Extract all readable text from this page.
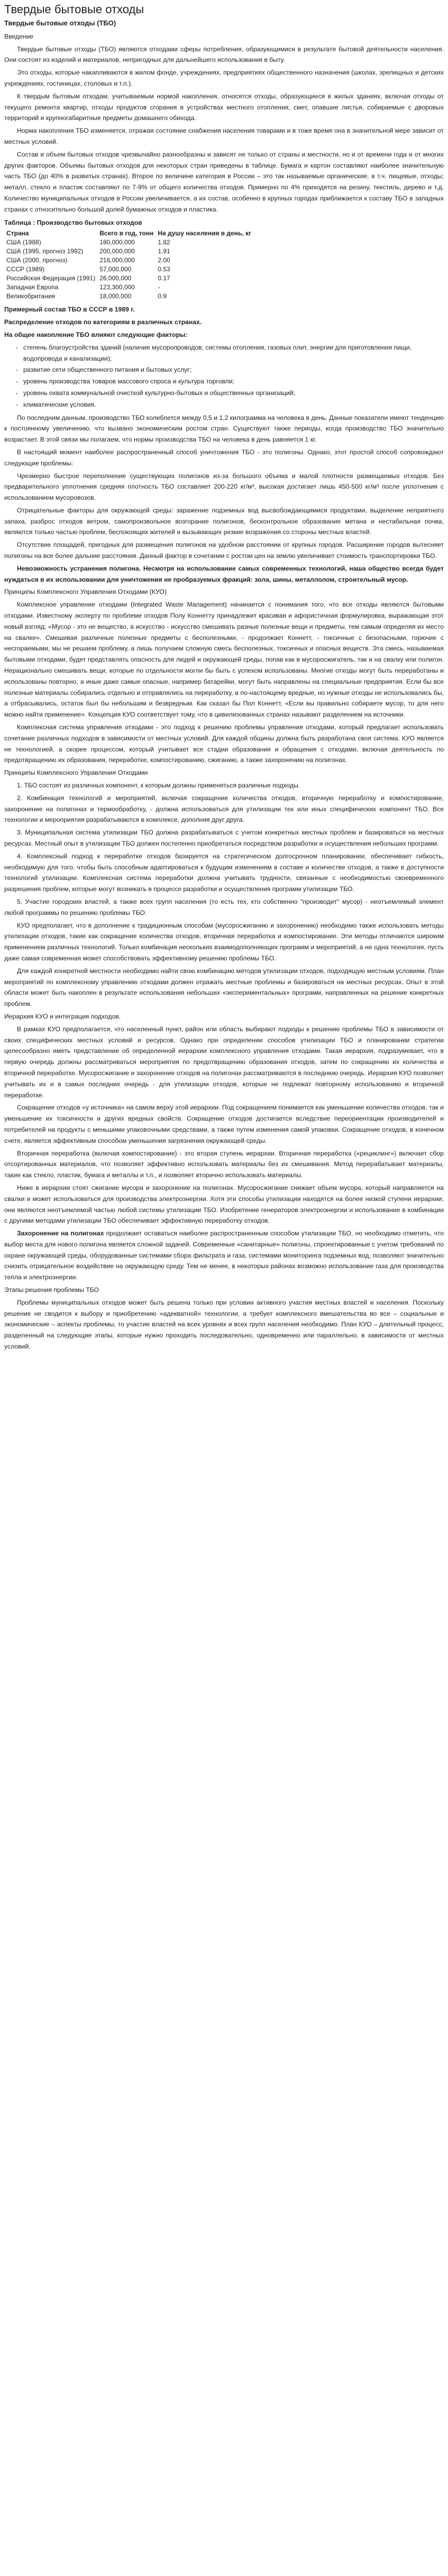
Твердые бытовые отходы
Твердые бытовые отходы (ТБО)

Введение

Твердые бытовые отходы (ТБО) являются отходами сферы потребления, образующимися в результате бытовой деятельности населения. Они состоят из изделий и материалов, непригодных для дальнейшего использования в быту.

Это отходы, которые накапливаются в жилом фонде, учреждениях, предприятиях общественного назначения (школах, зрелищных и детских учреждениях, гостиницах, столовых и т.п.).

К твердым бытовым отходам, учитываемым нормой накопления, относятся отходы, образующиеся в жилых зданиях, включая отходы от текущего ремонта квартир, отходы продуктов сгорания в устройствах местного отопления, смет, опавшие листья, собираемые с дворовых территорий и крупногабаритные предметы домашнего обихода.

Норма накопления ТБО изменяется, отражая состояние снабжения населения товарами и в тоже время она в значительной мере зависит от местных условий.

Состав и объем бытовых отходов чрезвычайно разнообразны и зависят не только от страны и местности, но и от времени года и от многих других факторов. Объемы бытовых отходов для некоторых стран приведены в таблице. Бумага и картон составляют наиболее значительную часть ТБО (до 40% в развитых странах). Второе по величине категория в России – это так называемые органические, в т.ч. пищевые, отходы; металл, стекло и пластик составляют по 7-9% от общего количества отходов. Примерно по 4% приходятся на резину, текстиль, дерево и т.д. Количество муниципальных отходов в России увеличивается, а их состав, особенно в крупных городах приближается к составу ТБО в западных странах с относительно большой долей бумажных отходов и пластика.

Таблица : Производство бытовых отходов
Страна	Всего в год, тонн	На душу населения в день, кг
США (1988)	180,000,000	1.82
США (1995, прогноз 1992)	200,000,000	1.91
США (2000, прогноз)	216,000,000	2.00
СССР (1989)	57,000,000	0.53
Российская Федерация (1991)	26,000,000	0.17
Западная Европа	123,300,000	-
Великобритания	18,000,000	0.9

Примерный состав ТБО в СССР в 1989 г.

Распределение отходов по категориям в различных странах.

На общее накопление ТБО влияют следующие факторы:

- степень благоустройства зданий (наличие мусоропроводов, системы отопления, газовых плит, энергии для приготовления пищи, водопровода и канализации);
- развитие сети общественного питания и бытовых услуг;
- уровень производства товаров массового спроса и культура торговли;
- уровень охвата коммунальной очисткой культурно-бытовых и общественных организаций;
- климатические условия.

По последним данным, производство ТБО колеблется между 0,5 и 1,2 килограмма на человека в день. Данные показатели имеют тенденцию к постоянному увеличению, что вызвано экономическим ростом стран. Существуют также периоды, когда производство ТБО значительно возрастает. В этой связи мы полагаем, что нормы производства ТБО на человека в день равняется 1 кг.

В настоящий момент наиболее распространенный способ уничтожения ТБО - это полигоны. Однако, этот простой способ сопровождают следующие проблемы:

Чрезмерно быстрое переполнение существующих полигонов из-за большого объема и малой плотности размещаемых отходов. Без предварительного уплотнения средняя плотность ТБО составляет 200-220 кг/м³, высокая достигает лишь 450-500 кг/м³ после уплотнения с использованием мусоровозов.

Отрицательные факторы для окружающей среды: заражение подземных вод высвобождающимися продуктами, выделение неприятного запаха, разброс отходов ветром, самопроизвольное возгорание полигонов, бесконтрольное образование метана и нестабильная почва, являются только частью проблем, беспокоящих жителей и вызывающих резкие возражения со стороны местных властей.

Отсутствие площадей, пригодных для размещения полигонов на удобном расстоянии от крупных городов. Расширение городов вытесняет полигоны на все более дальние расстояния. Данный фактор в сочетании с ростом цен на землю увеличивает стоимость транспортировки ТБО.

Невозможность устранения полигона. Несмотря на использование самых современных технологий, наша общество всегда будет нуждаться в их использовании для уничтожения не пробразуемых фракций: зола, шины, металлолом, строительный мусор.

Принципы Комплексного Управления Отходами (КУО)

Комплексное управление отходами (Integrated Waste Management) начинается с понимания того, что все отходы являются бытовыми отходами. Известному эксперту по проблеме отходов Полу Коннетту принадлежит красивая и афористичная формулировка, выражающая этот новый взгляд: «Мусор - это не вещество, а искусство - искусство смешивать разные полезные вещи и предметы, тем самым определяя их место на свалке». Смешивая различные полезные предметы с бесполезными, - продолжает Коннетт, - токсичные с безопасными, горючие с несгораемыми, мы не решаем проблему, а лишь получаем сложную смесь бесполезных, токсичных и опасных веществ. Эта смесь, называемая бытовыми отходами, будет представлять опасность для людей и окружающей среды, попав как в мусоросжигатель, так и на свалку или полигон. Нерационально смешивать вещи, которые по отдельности могли бы быть с успехом использованы. Многие отходы могут быть переработаны и использованы повторно, а иные даже самые опасные, например батарейки, могут быть направлены на специальные предприятия. Если бы все полезные материалы собирались отдельно и отправлялись на переработку, а по-настоящему вредные, но нужные отходы не использовались бы, а отбрасывались, остаток был бы небольшим и безвредным. Как сказал бы Пол Коннетт, «Если вы правильно собираете мусор, то для него можно найти применение». Концепция КУО соответствует тому, что в цивилизованных странах называют разделением на источники.

Комплексная система управления отходами - это подход к решению проблемы управления отходами, который предлагает использовать сочетание различных подходов в зависимости от местных условий. Для каждой общины должна быть разработана своя система. КУО является не технологией, а скорее процессом, который учитывает все стадии образования и обращения с отходами, включая деятельность по предотвращению их образования, переработке, компостированию, сжиганию, а также захоронению на полигонах.

Принципы Комплексного Управления Отходами

1. ТБО состоят из различных компонент, к которым должны применяться различные подходы.

2. Комбинация технологий и мероприятий, включая сокращение количества отходов, вторичную переработку и компостирование, захоронение на полигонах и термообработку, - должна использоваться для утилизации тех или иных специфических компонент ТБО. Все технологии и мероприятия разрабатываются в комплексе, дополняя друг друга.

3. Муниципальная система утилизации ТБО должна разрабатываться с учетом конкретных местных проблем и базироваться на местных ресурсах. Местный опыт в утилизации ТБО должен постепенно приобретаться посредством разработки и осуществления небольших программ.

4. Комплексный подход к переработке отходов базируется на стратегическом долгосрочном планировании, обеспечивает гибкость, необходимую для того, чтобы быть способным адаптироваться к будущим изменениям в составе и количестве отходов, а также в доступности технологий утилизации. Комплексная система переработки должна учитывать трудности, связанные с необходимостью своевременного разрешения проблем, которые могут возникать в процессе разработки и осуществления программ утилизации ТБО.

5. Участие городских властей, а также всех групп населения (то есть тех, кто собственно "производит" мусор) - неотъемлемый элемент любой программы по решению проблемы ТБО.

КУО предполагает, что в дополнение к традиционным способам (мусоросжиганию и захоронению) необходимо также использовать методы утилизации отходов, такие как сокращение количества отходов, вторичная переработка и компостирование. Эти методы отличаются широким применением различных технологий. Только комбинация нескольких взаимодополняющих программ и мероприятий, а не одна технология, пусть даже самая современная может способствовать эффективному решению проблемы ТБО.

Для каждой конкретной местности необходимо найти свою комбинацию методов утилизации отходов, подходящую местным условиям. План мероприятий по комплексному управлению отходами должен отражать местные проблемы и базироваться на местных ресурсах. Опыт в этой области может быть накоплен в результате использования небольших «экспериментальных» программ, направленных на решение конкретных проблем.

Иерархия КУО и интеграция подходов.

В рамках КУО предполагается, что населенный пункт, район или область выбирают подходы к решению проблемы ТБО в зависимости от своих специфических местных условий и ресурсов. Однако при определении способов утилизации ТБО и планировании стратегии целесообразно иметь представление об определенной иерархии комплексного управления отходами. Такая иерархия, подразумевает, что в первую очередь должны рассматриваться мероприятия по предотвращению образования отходов, затем по сокращению их количества и вторичной переработке. Мусоросжигание и захоронение отходов на полигонах рассматриваются в последнюю очередь. Иерархия КУО позволяет учитывать их и в самых последних очередь - для утилизации отходов, которые не подлежат повторному использованию и вторичной переработке.

Сокращение отходов «у источника» на самом верху этой иерархии. Под сокращением понимается как уменьшение количества отходов, так и уменьшение их токсичности и других вредных свойств. Сокращение отходов достигается вследствие переориентации производителей и потребителей на продукты с меньшими упаковочными средствами, а также путем изменения самой упаковки. Сокращение отходов, в конечном счете, является эффективным способом уменьшения загрязнения окружающей среды.

Вторичная переработка (включая компостирование) - это вторая ступень иерархии. Вторичная переработка («рециклинг») включает сбор отсортированных материалов, что позволяет эффективно использовать материалы без их смешивания. Метод перерабатывает материалы, такие как стекло, пластик, бумага и металлы и т.п., и позволяет вторично использовать материалы.

Ниже в иерархии стоят сжигание мусора и захоронение на полигонах. Мусоросжигание снижает объем мусора, который направляется на свалки и может использоваться для производства электроэнергии. Хотя эти способы утилизации находятся на более низкой ступени иерархии, они являются неотъемлемой частью любой системы утилизации ТБО. Изобретение генераторов электроэнергии и использование в комбинации с другими методами утилизации ТБО обеспечивает эффективную переработку отходов.

Захоронение на полигонах продолжает оставаться наиболее распространенным способом утилизации ТБО, но необходимо отметить, что выбор места для нового полигона является сложной задачей. Современные «санитарные» полигоны, спроектированные с учетом требований по охране окружающей среды, оборудованные системами сбора фильтрата и газа, системами мониторинга подземных вод, позволяют значительно снизить отрицательное воздействие на окружающую среду. Тем не менее, в некоторых районах возможно использование газа для производства тепла и электроэнергии.

Этапы решения проблемы ТБО

Проблемы муниципальных отходов может быть решена только при условии активного участия местных властей и населения. Поскольку решение не сводится к выбору и приобретению «адекватной» технологии, а требует комплексного вмешательства во все – социальные и экономические – аспекты проблемы, то участие властей на всех уровнях и всех групп населения необходимо. План КУО – длительный процесс, разделенный на следующие этапы, которые нужно проходить последовательно, одновременно или параллельно, в зависимости от местных условий.
